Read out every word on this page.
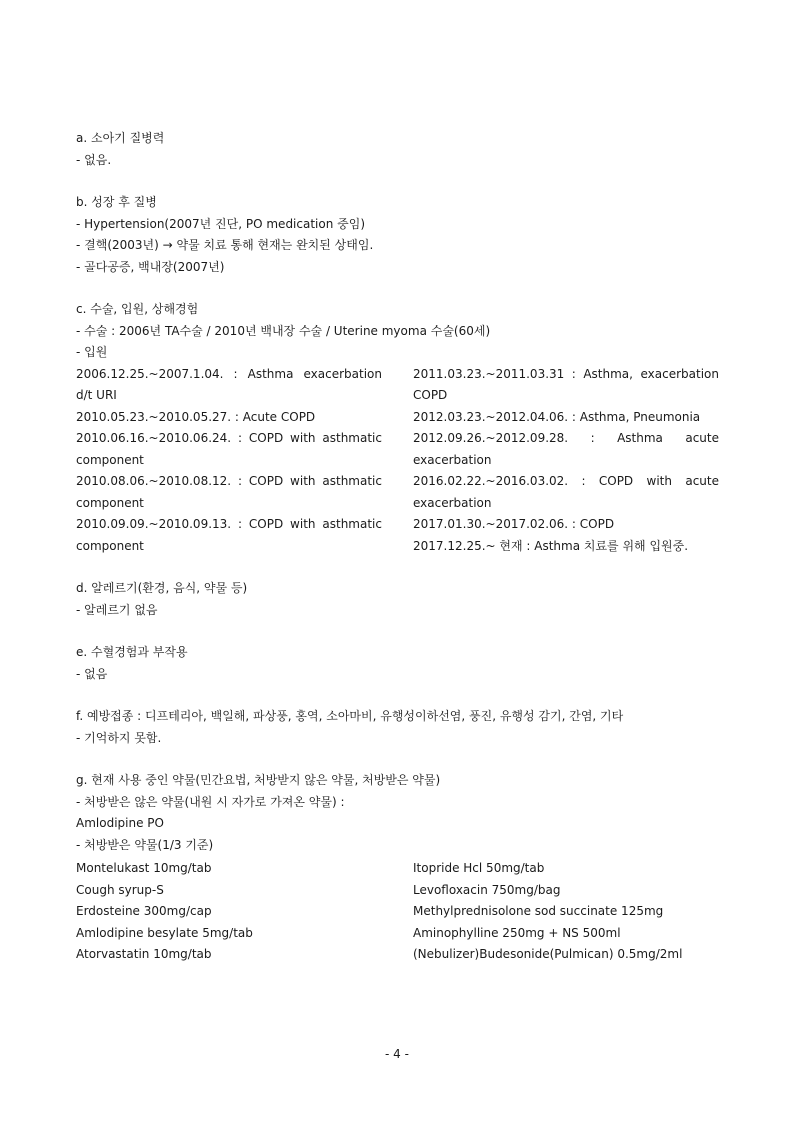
a. 소아기 질병력
- 없음.
b. 성장 후 질병
- Hypertension(2007년 진단, PO medication 중임)
- 결핵(2003년) → 약물 치료 통해 현재는 완치된 상태임.
- 골다공증, 백내장(2007년)
c. 수술, 입원, 상해경험
- 수술 : 2006년 TA수술 / 2010년 백내장 수술 / Uterine myoma 수술(60세)
- 입원
2006.12.25.~2007.1.04. : Asthma exacerbation
d/t URI
2010.05.23.~2010.05.27. : Acute COPD
2010.06.16.~2010.06.24. : COPD with asthmatic
component
2010.08.06.~2010.08.12. : COPD with asthmatic
component
2010.09.09.~2010.09.13. : COPD with asthmatic
component
2011.03.23.~2011.03.31 : Asthma, exacerbation
COPD
2012.03.23.~2012.04.06. : Asthma, Pneumonia
2012.09.26.~2012.09.28. : Asthma acute
exacerbation
2016.02.22.~2016.03.02. : COPD with acute
exacerbation
2017.01.30.~2017.02.06. : COPD
2017.12.25.~ 현재 : Asthma 치료를 위해 입원중.
d. 알레르기(환경, 음식, 약물 등)
- 알레르기 없음
e. 수혈경험과 부작용
- 없음
f. 예방접종 : 디프테리아, 백일해, 파상풍, 홍역, 소아마비, 유행성이하선염, 풍진, 유행성 감기, 간염, 기타
- 기억하지 못함.
g. 현재 사용 중인 약물(민간요법, 처방받지 않은 약물, 처방받은 약물)
- 처방받은 않은 약물(내원 시 자가로 가져온 약물) :
Amlodipine PO
- 처방받은 약물(1/3 기준)
Montelukast 10mg/tab
Cough syrup-S
Erdosteine 300mg/cap
Amlodipine besylate 5mg/tab
Atorvastatin 10mg/tab
Itopride Hcl 50mg/tab
Levofloxacin 750mg/bag
Methylprednisolone sod succinate 125mg
Aminophylline 250mg + NS 500ml
(Nebulizer)Budesonide(Pulmican) 0.5mg/2ml
- 4 -
